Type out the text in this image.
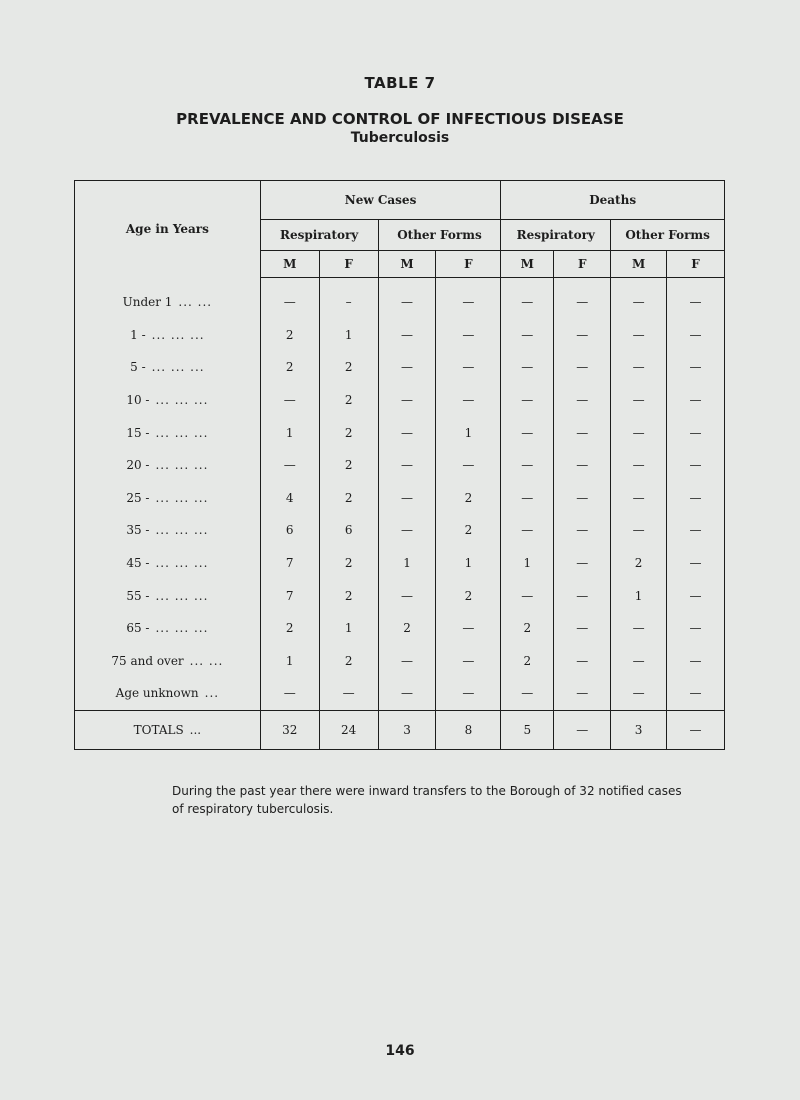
TABLE 7
PREVALENCE AND CONTROL OF INFECTIOUS DISEASE
Tuberculosis
Age in Years	New Cases				Deaths			
	Respiratory		Other Forms		Respiratory		Other Forms	
	M	F	M	F	M	F	M	F
Under 1 ... ...	—	–	—	—	—	—	—	—
1 - ... ... ...	2	1	—	—	—	—	—	—
5 - ... ... ...	2	2	—	—	—	—	—	—
10 - ... ... ...	—	2	—	—	—	—	—	—
15 - ... ... ...	1	2	—	1	—	—	—	—
20 - ... ... ...	—	2	—	—	—	—	—	—
25 - ... ... ...	4	2	—	2	—	—	—	—
35 - ... ... ...	6	6	—	2	—	—	—	—
45 - ... ... ...	7	2	1	1	1	—	2	—
55 - ... ... ...	7	2	—	2	—	—	1	—
65 - ... ... ...	2	1	2	—	2	—	—	—
75 and over ... ...	1	2	—	—	2	—	—	—
Age unknown ...	—	—	—	—	—	—	—	—
TOTALS ...	32	24	3	8	5	—	3	—
During the past year there were inward transfers to the Borough of 32 notified cases of respiratory tuberculosis.
146
